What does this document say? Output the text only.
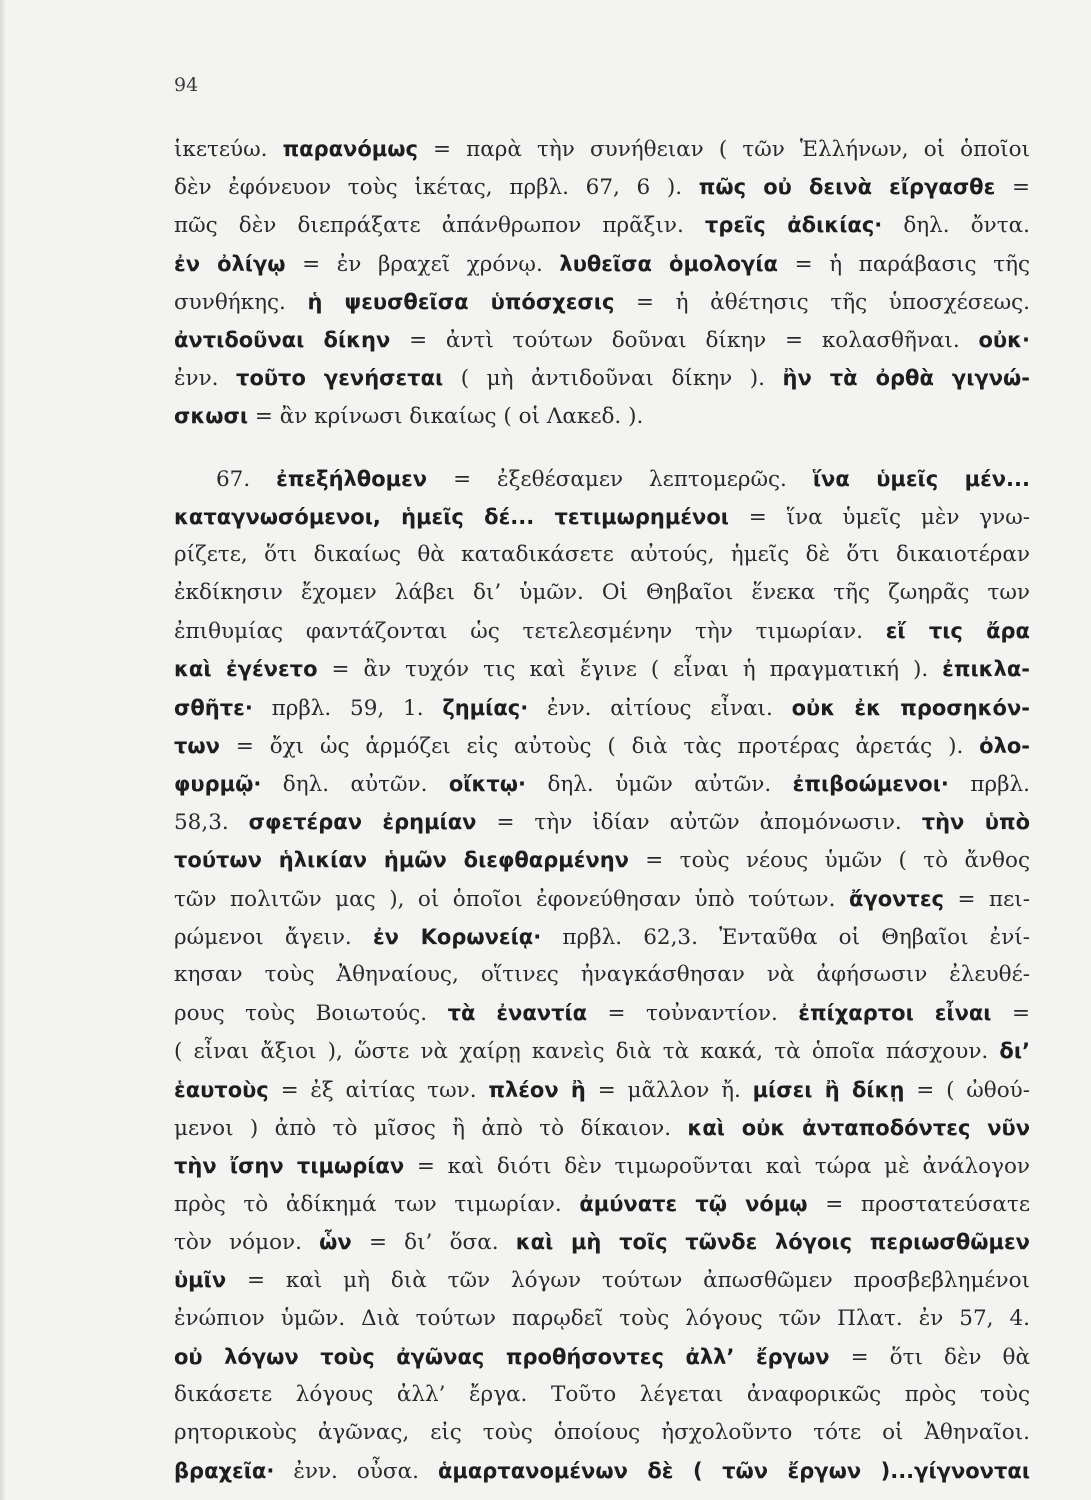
94
ἱκετεύω. παρανόμως = παρὰ τὴν συνήθειαν ( τῶν Ἑλλήνων, οἱ ὁποῖοι
δὲν ἐφόνευον τοὺς ἱκέτας, πρβλ. 67, 6 ). πῶς οὐ δεινὰ εἴργασθε =
πῶς δὲν διεπράξατε ἀπάνθρωπον πρᾶξιν. τρεῖς ἀδικίας· δηλ. ὄντα.
ἐν ὀλίγῳ = ἐν βραχεῖ χρόνῳ. λυθεῖσα ὁμολογία = ἡ παράβασις τῆς
συνθήκης. ἡ ψευσθεῖσα ὑπόσχεσις = ἡ ἀθέτησις τῆς ὑποσχέσεως.
ἀντιδοῦναι δίκην = ἀντὶ τούτων δοῦναι δίκην = κολασθῆναι. οὐκ·
ἐνν. τοῦτο γενήσεται ( μὴ ἀντιδοῦναι δίκην ). ἢν τὰ ὀρθὰ γιγνώ-
σκωσι = ἂν κρίνωσι δικαίως ( οἱ Λακεδ. ).
67. ἐπεξήλθομεν = ἐξεθέσαμεν λεπτομερῶς. ἵνα ὑμεῖς μέν...
καταγνωσόμενοι, ἡμεῖς δέ... τετιμωρημένοι = ἵνα ὑμεῖς μὲν γνω-
ρίζετε, ὅτι δικαίως θὰ καταδικάσετε αὐτούς, ἡμεῖς δὲ ὅτι δικαιοτέραν
ἐκδίκησιν ἔχομεν λάβει δι’ ὑμῶν. Οἱ Θηβαῖοι ἕνεκα τῆς ζωηρᾶς των
ἐπιθυμίας φαντάζονται ὡς τετελεσμένην τὴν τιμωρίαν. εἴ τις ἄρα
καὶ ἐγένετο = ἂν τυχόν τις καὶ ἔγινε ( εἶναι ἡ πραγματική ). ἐπικλα-
σθῆτε· πρβλ. 59, 1. ζημίας· ἐνν. αἰτίους εἶναι. οὐκ ἐκ προσηκόν-
των = ὄχι ὡς ἁρμόζει εἰς αὐτοὺς ( διὰ τὰς προτέρας ἀρετάς ). ὀλο-
φυρμῷ· δηλ. αὐτῶν. οἴκτῳ· δηλ. ὑμῶν αὐτῶν. ἐπιβοώμενοι· πρβλ.
58,3. σφετέραν ἐρημίαν = τὴν ἰδίαν αὐτῶν ἀπομόνωσιν. τὴν ὑπὸ
τούτων ἡλικίαν ἡμῶν διεφθαρμένην = τοὺς νέους ὑμῶν ( τὸ ἄνθος
τῶν πολιτῶν μας ), οἱ ὁποῖοι ἐφονεύθησαν ὑπὸ τούτων. ἄγοντες = πει-
ρώμενοι ἄγειν. ἐν Κορωνείᾳ· πρβλ. 62,3. Ἐνταῦθα οἱ Θηβαῖοι ἐνί-
κησαν τοὺς Ἀθηναίους, οἵτινες ἠναγκάσθησαν νὰ ἀφήσωσιν ἐλευθέ-
ρους τοὺς Βοιωτούς. τὰ ἐναντία = τοὐναντίον. ἐπίχαρτοι εἶναι =
( εἶναι ἄξιοι ), ὥστε νὰ χαίρῃ κανεὶς διὰ τὰ κακά, τὰ ὁποῖα πάσχουν. δι’
ἑαυτοὺς = ἐξ αἰτίας των. πλέον ἢ = μᾶλλον ἤ. μίσει ἢ δίκῃ = ( ὠθού-
μενοι ) ἀπὸ τὸ μῖσος ἢ ἀπὸ τὸ δίκαιον. καὶ οὐκ ἀνταποδόντες νῦν
τὴν ἴσην τιμωρίαν = καὶ διότι δὲν τιμωροῦνται καὶ τώρα μὲ ἀνάλογον
πρὸς τὸ ἀδίκημά των τιμωρίαν. ἀμύνατε τῷ νόμῳ = προστατεύσατε
τὸν νόμον. ὧν = δι’ ὅσα. καὶ μὴ τοῖς τῶνδε λόγοις περιωσθῶμεν
ὑμῖν = καὶ μὴ διὰ τῶν λόγων τούτων ἀπωσθῶμεν προσβεβλημένοι
ἐνώπιον ὑμῶν. Διὰ τούτων παρῳδεῖ τοὺς λόγους τῶν Πλατ. ἐν 57, 4.
οὐ λόγων τοὺς ἀγῶνας προθήσοντες ἀλλ’ ἔργων = ὅτι δὲν θὰ
δικάσετε λόγους ἀλλ’ ἔργα. Τοῦτο λέγεται ἀναφορικῶς πρὸς τοὺς
ρητορικοὺς ἀγῶνας, εἰς τοὺς ὁποίους ἠσχολοῦντο τότε οἱ Ἀθηναῖοι.
βραχεῖα· ἐνν. οὖσα. ἁμαρτανομένων δὲ ( τῶν ἔργων )...γίγνονται
